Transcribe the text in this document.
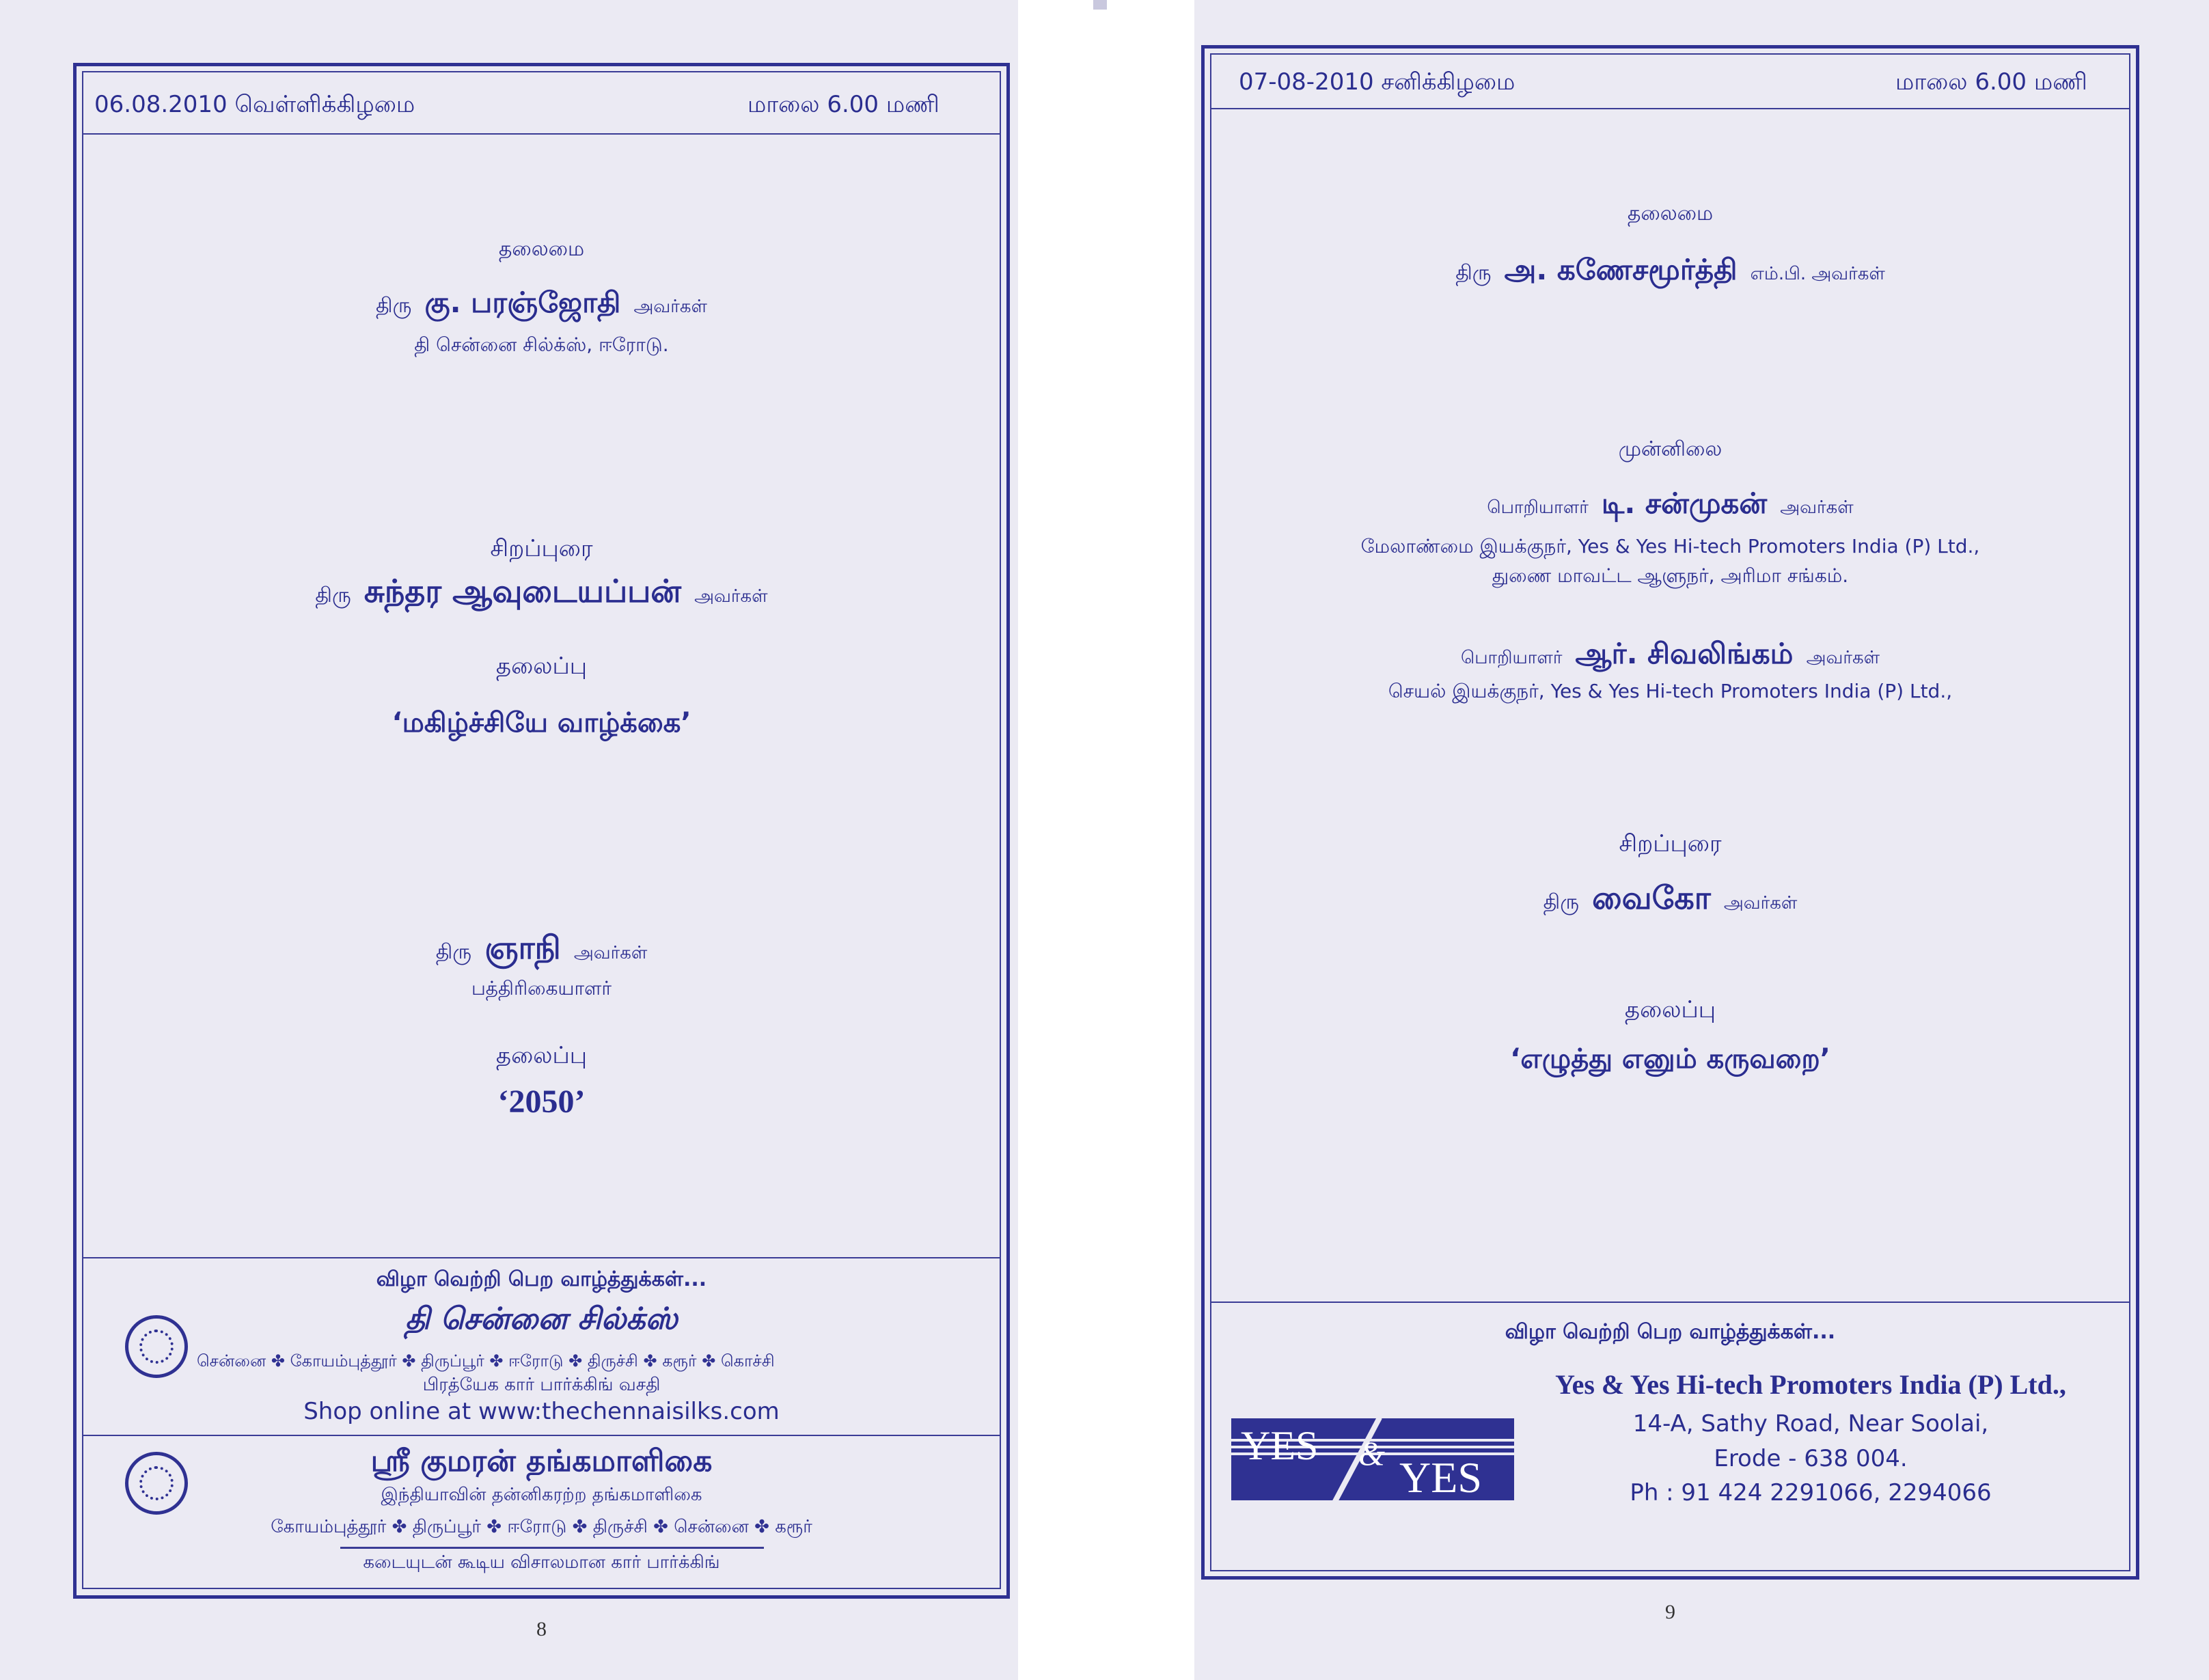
06.08.2010 வெள்ளிக்கிழமை	மாலை 6.00 மணி
தலைமை
திரு கு. பரஞ்ஜோதி அவர்கள்
தி சென்னை சில்க்ஸ், ஈரோடு.
சிறப்புரை
திரு சுந்தர ஆவுடையப்பன் அவர்கள்
தலைப்பு
‘மகிழ்ச்சியே வாழ்க்கை’
திரு ஞாநி அவர்கள்
பத்திரிகையாளர்
தலைப்பு
‘2050’
விழா வெற்றி பெற வாழ்த்துக்கள்...
தி சென்னை சில்க்ஸ்
சென்னை ✤ கோயம்புத்தூர் ✤ திருப்பூர் ✤ ஈரோடு ✤ திருச்சி ✤ கரூர் ✤ கொச்சி
பிரத்யேக கார் பார்க்கிங் வசதி
Shop online at www:thechennaisilks.com
ஸ்ரீ குமரன் தங்கமாளிகை
இந்தியாவின் தன்னிகரற்ற தங்கமாளிகை
கோயம்புத்தூர் ✤ திருப்பூர் ✤ ஈரோடு ✤ திருச்சி ✤ சென்னை ✤ கரூர்
கடையுடன் கூடிய விசாலமான கார் பார்க்கிங்
8
07-08-2010 சனிக்கிழமை	மாலை 6.00 மணி
தலைமை
திரு அ. கணேசமூர்த்தி எம்.பி. அவர்கள்
முன்னிலை
பொறியாளர் டி. சன்முகன் அவர்கள்
மேலாண்மை இயக்குநர், Yes & Yes Hi-tech Promoters India (P) Ltd.,
துணை மாவட்ட ஆளுநர், அரிமா சங்கம்.
பொறியாளர் ஆர். சிவலிங்கம் அவர்கள்
செயல் இயக்குநர், Yes & Yes Hi-tech Promoters India (P) Ltd.,
சிறப்புரை
திரு வைகோ அவர்கள்
தலைப்பு
‘எழுத்து எனும் கருவறை’
விழா வெற்றி பெற வாழ்த்துக்கள்...
YES & YES
Yes & Yes Hi-tech Promoters India (P) Ltd.,
14-A, Sathy Road, Near Soolai,
Erode - 638 004.
Ph : 91 424 2291066, 2294066
9
